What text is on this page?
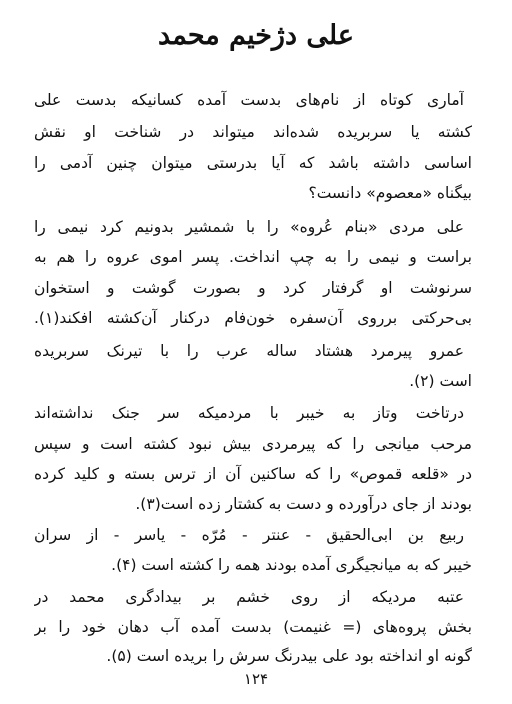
علی دژخیم محمد
آماری کوتاه از نام‌های بدست آمده کسانیکه بدست علی
کشته یا سربریده شده‌اند میتواند در شناخت او نقش
اساسی داشته باشد که آیا بدرستی میتوان چنین آدمی را
بیگناه «معصوم» دانست؟
علی مردی «بنام عُروه» را با شمشیر بدونیم کرد نیمی را
براست و نیمی را به چپ انداخت. پسر اموی عروه را هم به
سرنوشت او گرفتار کرد و بصورت گوشت و استخوان
بی‌حرکتی برروی آن‌سفره خون‌فام درکنار آن‌کشته افکند(۱).
عمرو پیرمرد هشتاد ساله عرب را با تیرنک سربریده
است (۲).
درتاخت وتاز به خیبر با مردمیکه سر جنک نداشته‌اند
مرحب میانجی را که پیرمردی بیش نبود کشته است و سپس
در «قلعه قموص» را که ساکنین آن از ترس بسته و کلید کرده
بودند از جای درآورده و دست به کشتار زده است(۳).
ربیع بن ابی‌الحقیق - عنتر - مُرّه - یاسر - از سران
خیبر که به میانجیگری آمده بودند همه را کشته است (۴).
عتبه مردیکه از روی خشم بر بیدادگری محمد در
بخش پروه‌های (= غنیمت) بدست آمده آب دهان خود را بر
گونه او انداخته بود علی بیدرنگ سرش را بریده است (۵).
۱۲۴
